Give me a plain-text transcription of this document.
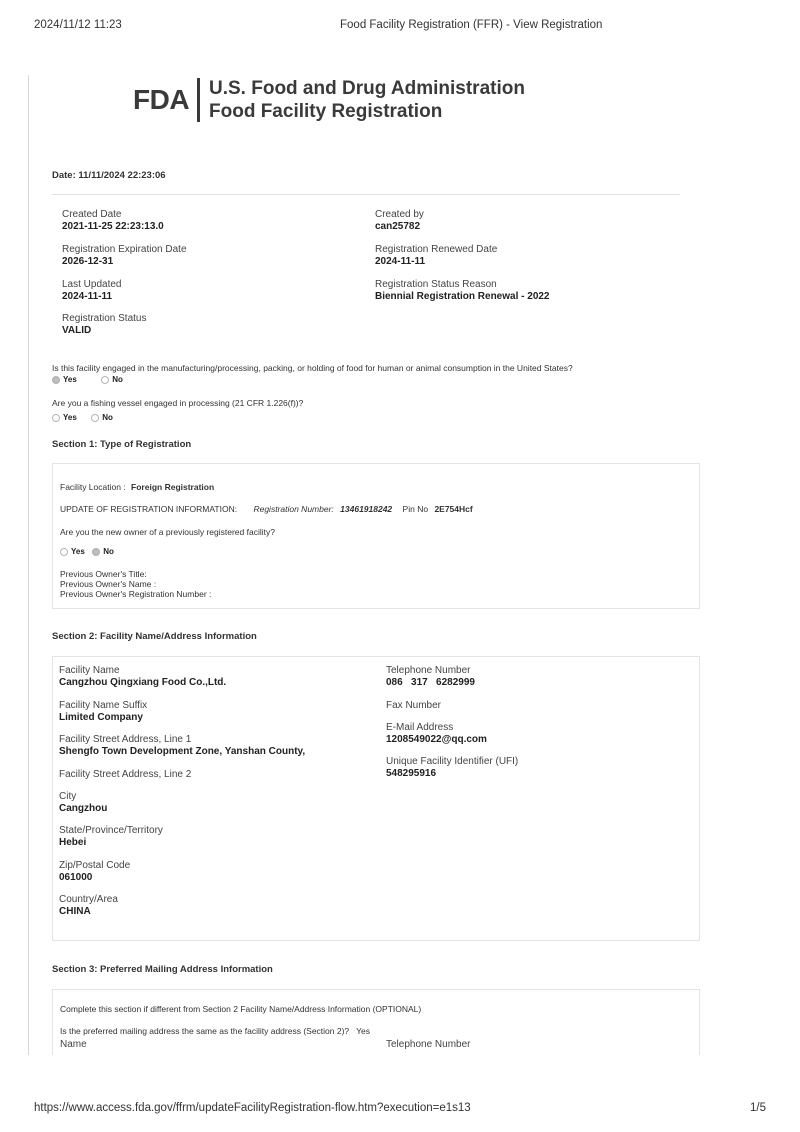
2024/11/12 11:23	Food Facility Registration (FFR) - View Registration
FDA U.S. Food and Drug Administration
Food Facility Registration
Date: 11/11/2024 22:23:06
Created Date
2021-11-25 22:23:13.0
Created by
can25782
Registration Expiration Date
2026-12-31
Registration Renewed Date
2024-11-11
Last Updated
2024-11-11
Registration Status Reason
Biennial Registration Renewal - 2022
Registration Status
VALID
Is this facility engaged in the manufacturing/processing, packing, or holding of food for human or animal consumption in the United States?
Yes	No
Are you a fishing vessel engaged in processing (21 CFR 1.226(f))?
Yes	No
Section 1: Type of Registration
Facility Location : Foreign Registration
UPDATE OF REGISTRATION INFORMATION: Registration Number: 13461918242 Pin No 2E754Hcf
Are you the new owner of a previously registered facility?
Yes No
Previous Owner's Title:
Previous Owner's Name :
Previous Owner's Registration Number :
Section 2: Facility Name/Address Information
Facility Name
Cangzhou Qingxiang Food Co.,Ltd.
Facility Name Suffix
Limited Company
Facility Street Address, Line 1
Shengfo Town Development Zone, Yanshan County,
Facility Street Address, Line 2
City
Cangzhou
State/Province/Territory
Hebei
Zip/Postal Code
061000
Country/Area
CHINA
Telephone Number
086   317   6282999
Fax Number
E-Mail Address
1208549022@qq.com
Unique Facility Identifier (UFI)
548295916
Section 3: Preferred Mailing Address Information
Complete this section if different from Section 2 Facility Name/Address Information (OPTIONAL)
Is the preferred mailing address the same as the facility address (Section 2)?   Yes
Name	Telephone Number
https://www.access.fda.gov/ffrm/updateFacilityRegistration-flow.htm?execution=e1s13	1/5
